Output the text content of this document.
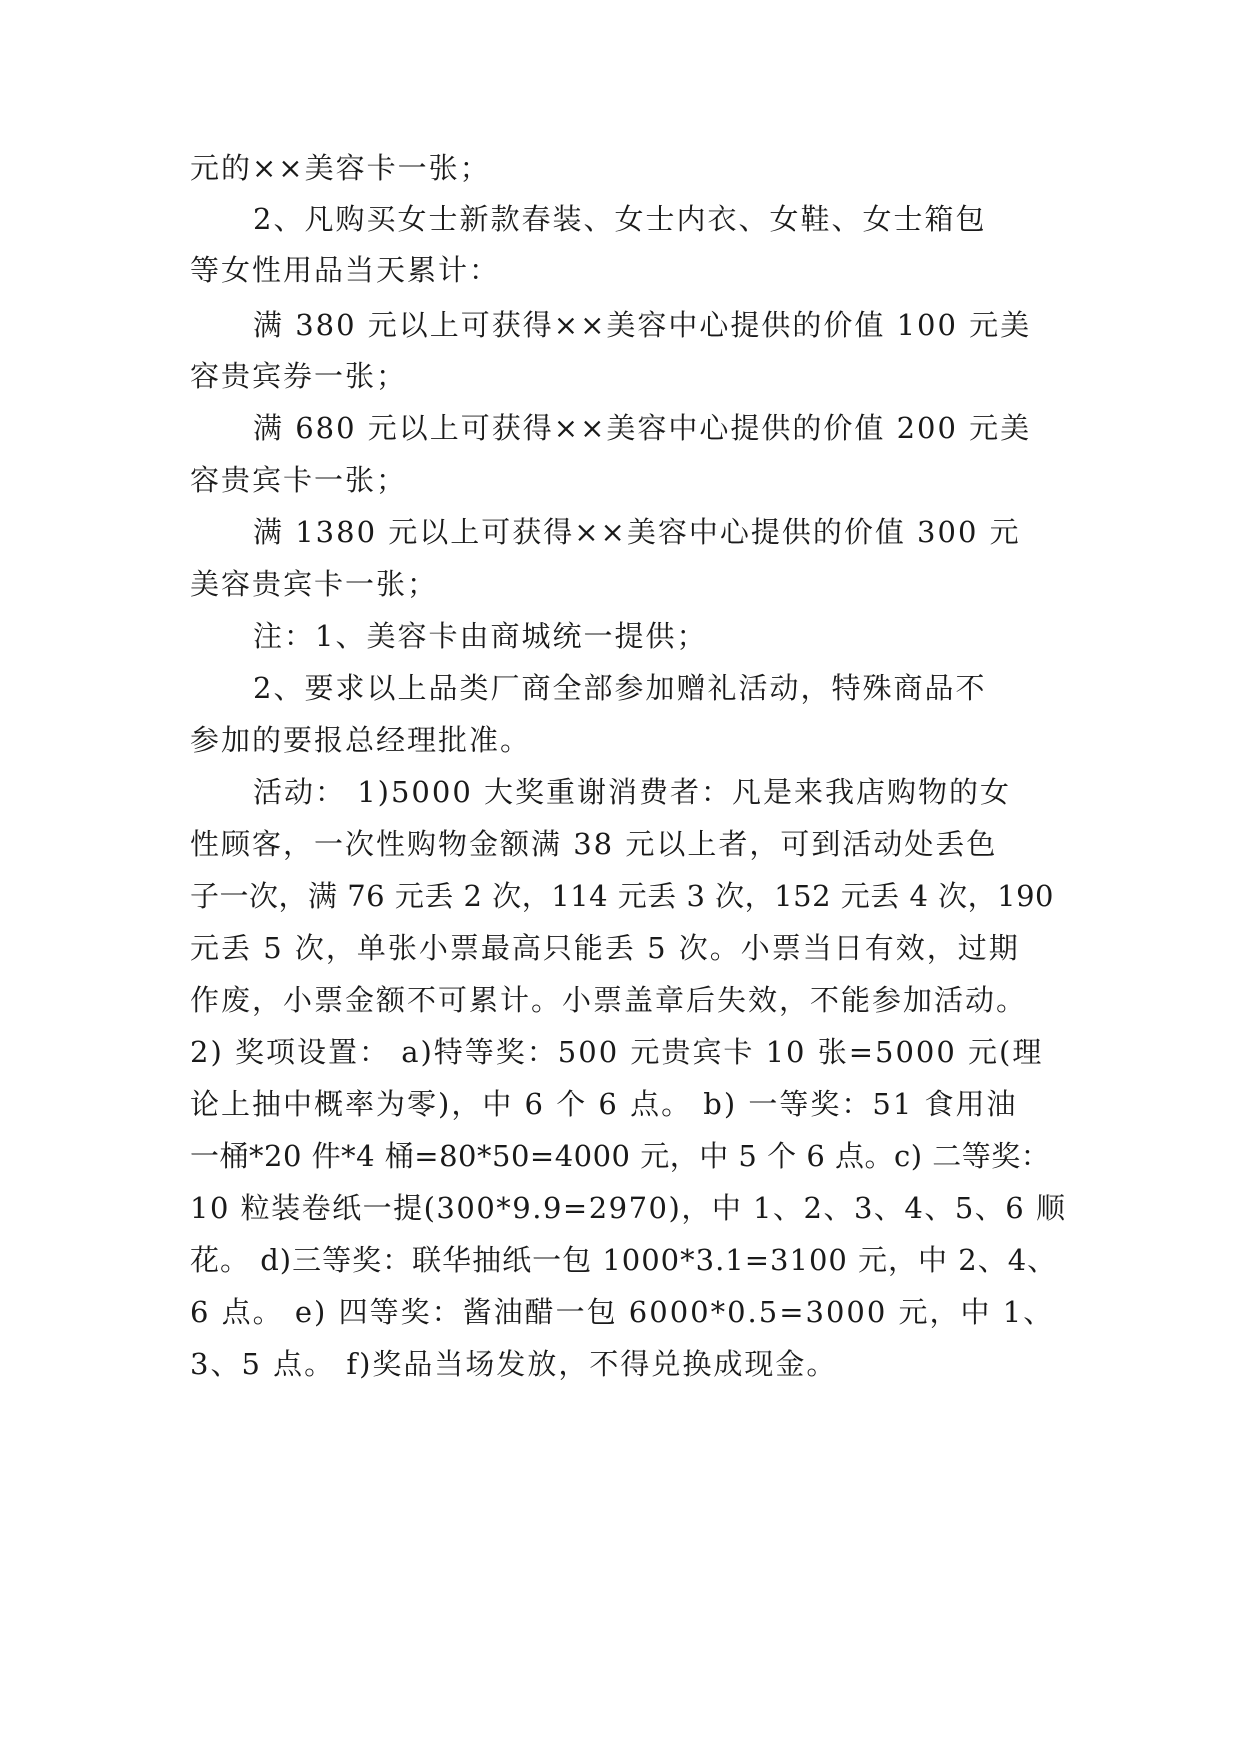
元的××美容卡一张；

2、凡购买女士新款春装、女士内衣、女鞋、女士箱包

等女性用品当天累计：

满 380 元以上可获得××美容中心提供的价值 100 元美

容贵宾券一张；

满 680 元以上可获得××美容中心提供的价值 200 元美

容贵宾卡一张；

满 1380 元以上可获得××美容中心提供的价值 300 元

美容贵宾卡一张；

注：1、美容卡由商城统一提供；

2、要求以上品类厂商全部参加赠礼活动，特殊商品不

参加的要报总经理批准。

活动： 1)5000 大奖重谢消费者：凡是来我店购物的女

性顾客，一次性购物金额满 38 元以上者，可到活动处丢色

子一次，满 76 元丢 2 次，114 元丢 3 次，152 元丢 4 次，190

元丢 5 次，单张小票最高只能丢 5 次。小票当日有效，过期

作废，小票金额不可累计。小票盖章后失效，不能参加活动。

2) 奖项设置： a)特等奖：500 元贵宾卡 10 张=5000 元(理

论上抽中概率为零)，中 6 个 6 点。 b) 一等奖：51 食用油

一桶*20 件*4 桶=80*50=4000 元，中 5 个 6 点。c) 二等奖：

10 粒装卷纸一提(300*9.9=2970)，中 1、2、3、4、5、6 顺

花。 d)三等奖：联华抽纸一包 1000*3.1=3100 元，中 2、4、

6 点。 e) 四等奖：酱油醋一包 6000*0.5=3000 元，中 1、

3、5 点。 f)奖品当场发放，不得兑换成现金。
